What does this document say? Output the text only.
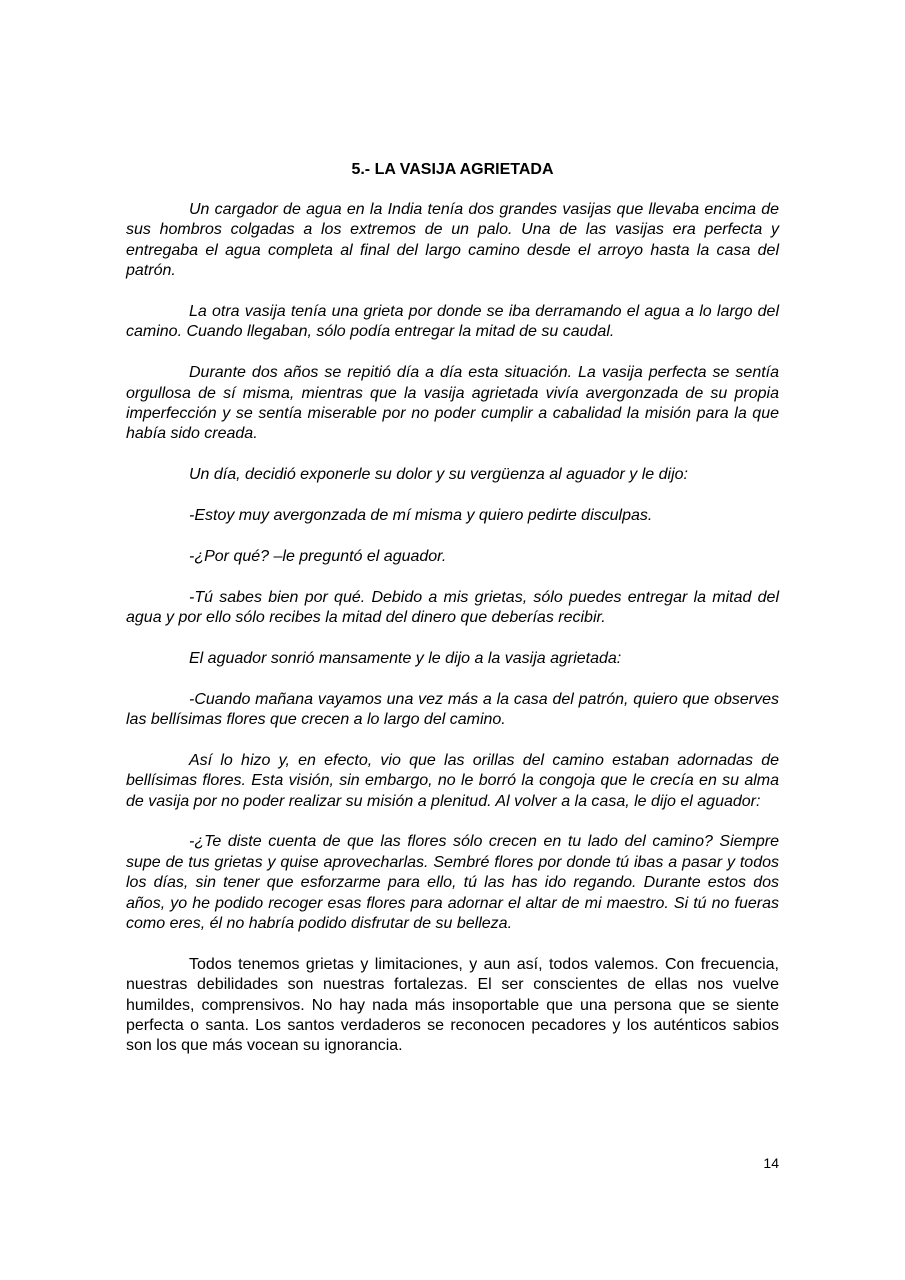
5.- LA VASIJA AGRIETADA

Un cargador de agua en la India tenía dos grandes vasijas que llevaba encima de sus hombros colgadas a los extremos de un palo. Una de las vasijas era perfecta y entregaba el agua completa al final del largo camino desde el arroyo hasta la casa del patrón.

La otra vasija tenía una grieta por donde se iba derramando el agua a lo largo del camino. Cuando llegaban, sólo podía entregar la mitad de su caudal.

Durante dos años se repitió día a día esta situación. La vasija perfecta se sentía orgullosa de sí misma, mientras que la vasija agrietada vivía avergonzada de su propia imperfección y se sentía miserable por no poder cumplir a cabalidad la misión para la que había sido creada.

Un día, decidió exponerle su dolor y su vergüenza al aguador y le dijo:

-Estoy muy avergonzada de mí misma y quiero pedirte disculpas.

-¿Por qué? –le preguntó el aguador.

-Tú sabes bien por qué. Debido a mis grietas, sólo puedes entregar la mitad del agua y por ello sólo recibes la mitad del dinero que deberías recibir.

El aguador sonrió mansamente y le dijo a la vasija agrietada:

-Cuando mañana vayamos una vez más a la casa del patrón, quiero que observes las bellísimas flores que crecen a lo largo del camino.

Así lo hizo y, en efecto, vio que las orillas del camino estaban adornadas de bellísimas flores. Esta visión, sin embargo, no le borró la congoja que le crecía en su alma de vasija por no poder realizar su misión a plenitud. Al volver a la casa, le dijo el aguador:

-¿Te diste cuenta de que las flores sólo crecen en tu lado del camino? Siempre supe de tus grietas y quise aprovecharlas. Sembré flores por donde tú ibas a pasar y todos los días, sin tener que esforzarme para ello, tú las has ido regando. Durante estos dos años, yo he podido recoger esas flores para adornar el altar de mi maestro. Si tú no fueras como eres, él no habría podido disfrutar de su belleza.

Todos tenemos grietas y limitaciones, y aun así, todos valemos. Con frecuencia, nuestras debilidades son nuestras fortalezas. El ser conscientes de ellas nos vuelve humildes, comprensivos. No hay nada más insoportable que una persona que se siente perfecta o santa. Los santos verdaderos se reconocen pecadores y los auténticos sabios son los que más vocean su ignorancia.

14
